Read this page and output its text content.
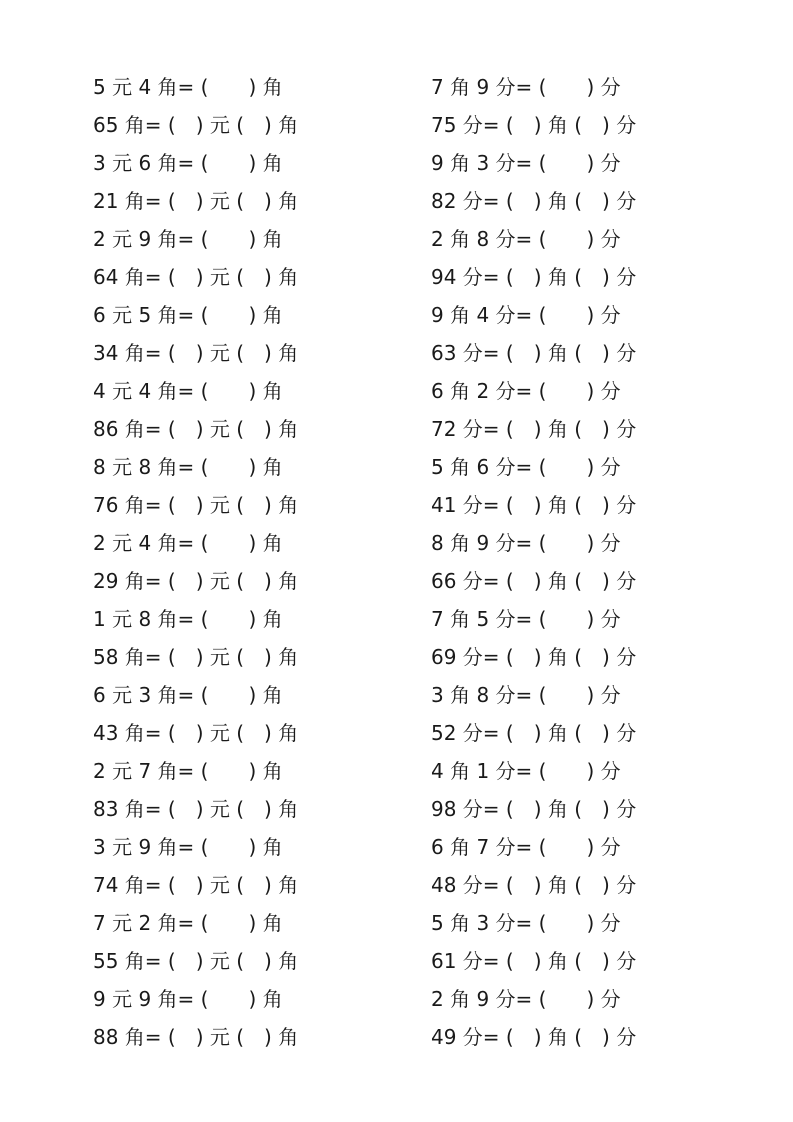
5 元 4 角= (　　) 角
65 角= (　) 元 (　) 角
3 元 6 角= (　　) 角
21 角= (　) 元 (　) 角
2 元 9 角= (　　) 角
64 角= (　) 元 (　) 角
6 元 5 角= (　　) 角
34 角= (　) 元 (　) 角
4 元 4 角= (　　) 角
86 角= (　) 元 (　) 角
8 元 8 角= (　　) 角
76 角= (　) 元 (　) 角
2 元 4 角= (　　) 角
29 角= (　) 元 (　) 角
1 元 8 角= (　　) 角
58 角= (　) 元 (　) 角
6 元 3 角= (　　) 角
43 角= (　) 元 (　) 角
2 元 7 角= (　　) 角
83 角= (　) 元 (　) 角
3 元 9 角= (　　) 角
74 角= (　) 元 (　) 角
7 元 2 角= (　　) 角
55 角= (　) 元 (　) 角
9 元 9 角= (　　) 角
88 角= (　) 元 (　) 角
7 角 9 分= (　　) 分
75 分= (　) 角 (　) 分
9 角 3 分= (　　) 分
82 分= (　) 角 (　) 分
2 角 8 分= (　　) 分
94 分= (　) 角 (　) 分
9 角 4 分= (　　) 分
63 分= (　) 角 (　) 分
6 角 2 分= (　　) 分
72 分= (　) 角 (　) 分
5 角 6 分= (　　) 分
41 分= (　) 角 (　) 分
8 角 9 分= (　　) 分
66 分= (　) 角 (　) 分
7 角 5 分= (　　) 分
69 分= (　) 角 (　) 分
3 角 8 分= (　　) 分
52 分= (　) 角 (　) 分
4 角 1 分= (　　) 分
98 分= (　) 角 (　) 分
6 角 7 分= (　　) 分
48 分= (　) 角 (　) 分
5 角 3 分= (　　) 分
61 分= (　) 角 (　) 分
2 角 9 分= (　　) 分
49 分= (　) 角 (　) 分
